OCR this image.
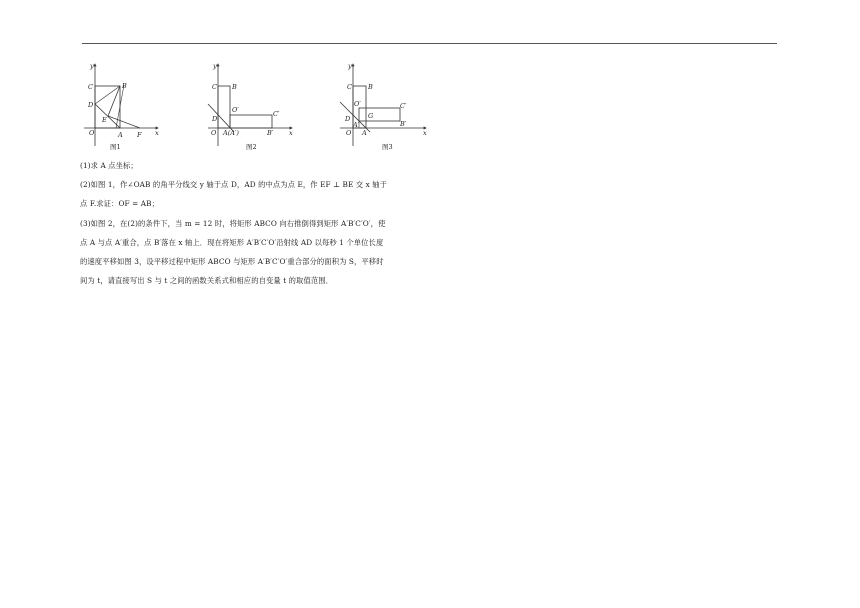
y
x
O	A F
B
C
D
E
图1
y
x
O A(A′)	B′
B
C
D
O′	C′
图2
y
x
O A
A′
B
C
D
O′
G
C′
B′
图3

(1)求 A 点坐标；

(2)如图 1，作∠OAB 的角平分线交 y 轴于点 D，AD 的中点为点 E，作 EF ⊥ BE 交 x 轴于

点 F.求证：OF = AB；

(3)如图 2，在(2)的条件下，当 m = 12 时，将矩形 ABCO 向右推倒得到矩形 A′B′C′O′，使

点 A 与点 A′重合，点 B′落在 x 轴上．现在将矩形 A′B′C′O′沿射线 AD 以每秒 1 个单位长度

的速度平移如图 3，设平移过程中矩形 ABCO 与矩形 A′B′C′O′重合部分的面积为 S，平移时

间为 t，请直接写出 S 与 t 之间的函数关系式和相应的自变量 t 的取值范围．
